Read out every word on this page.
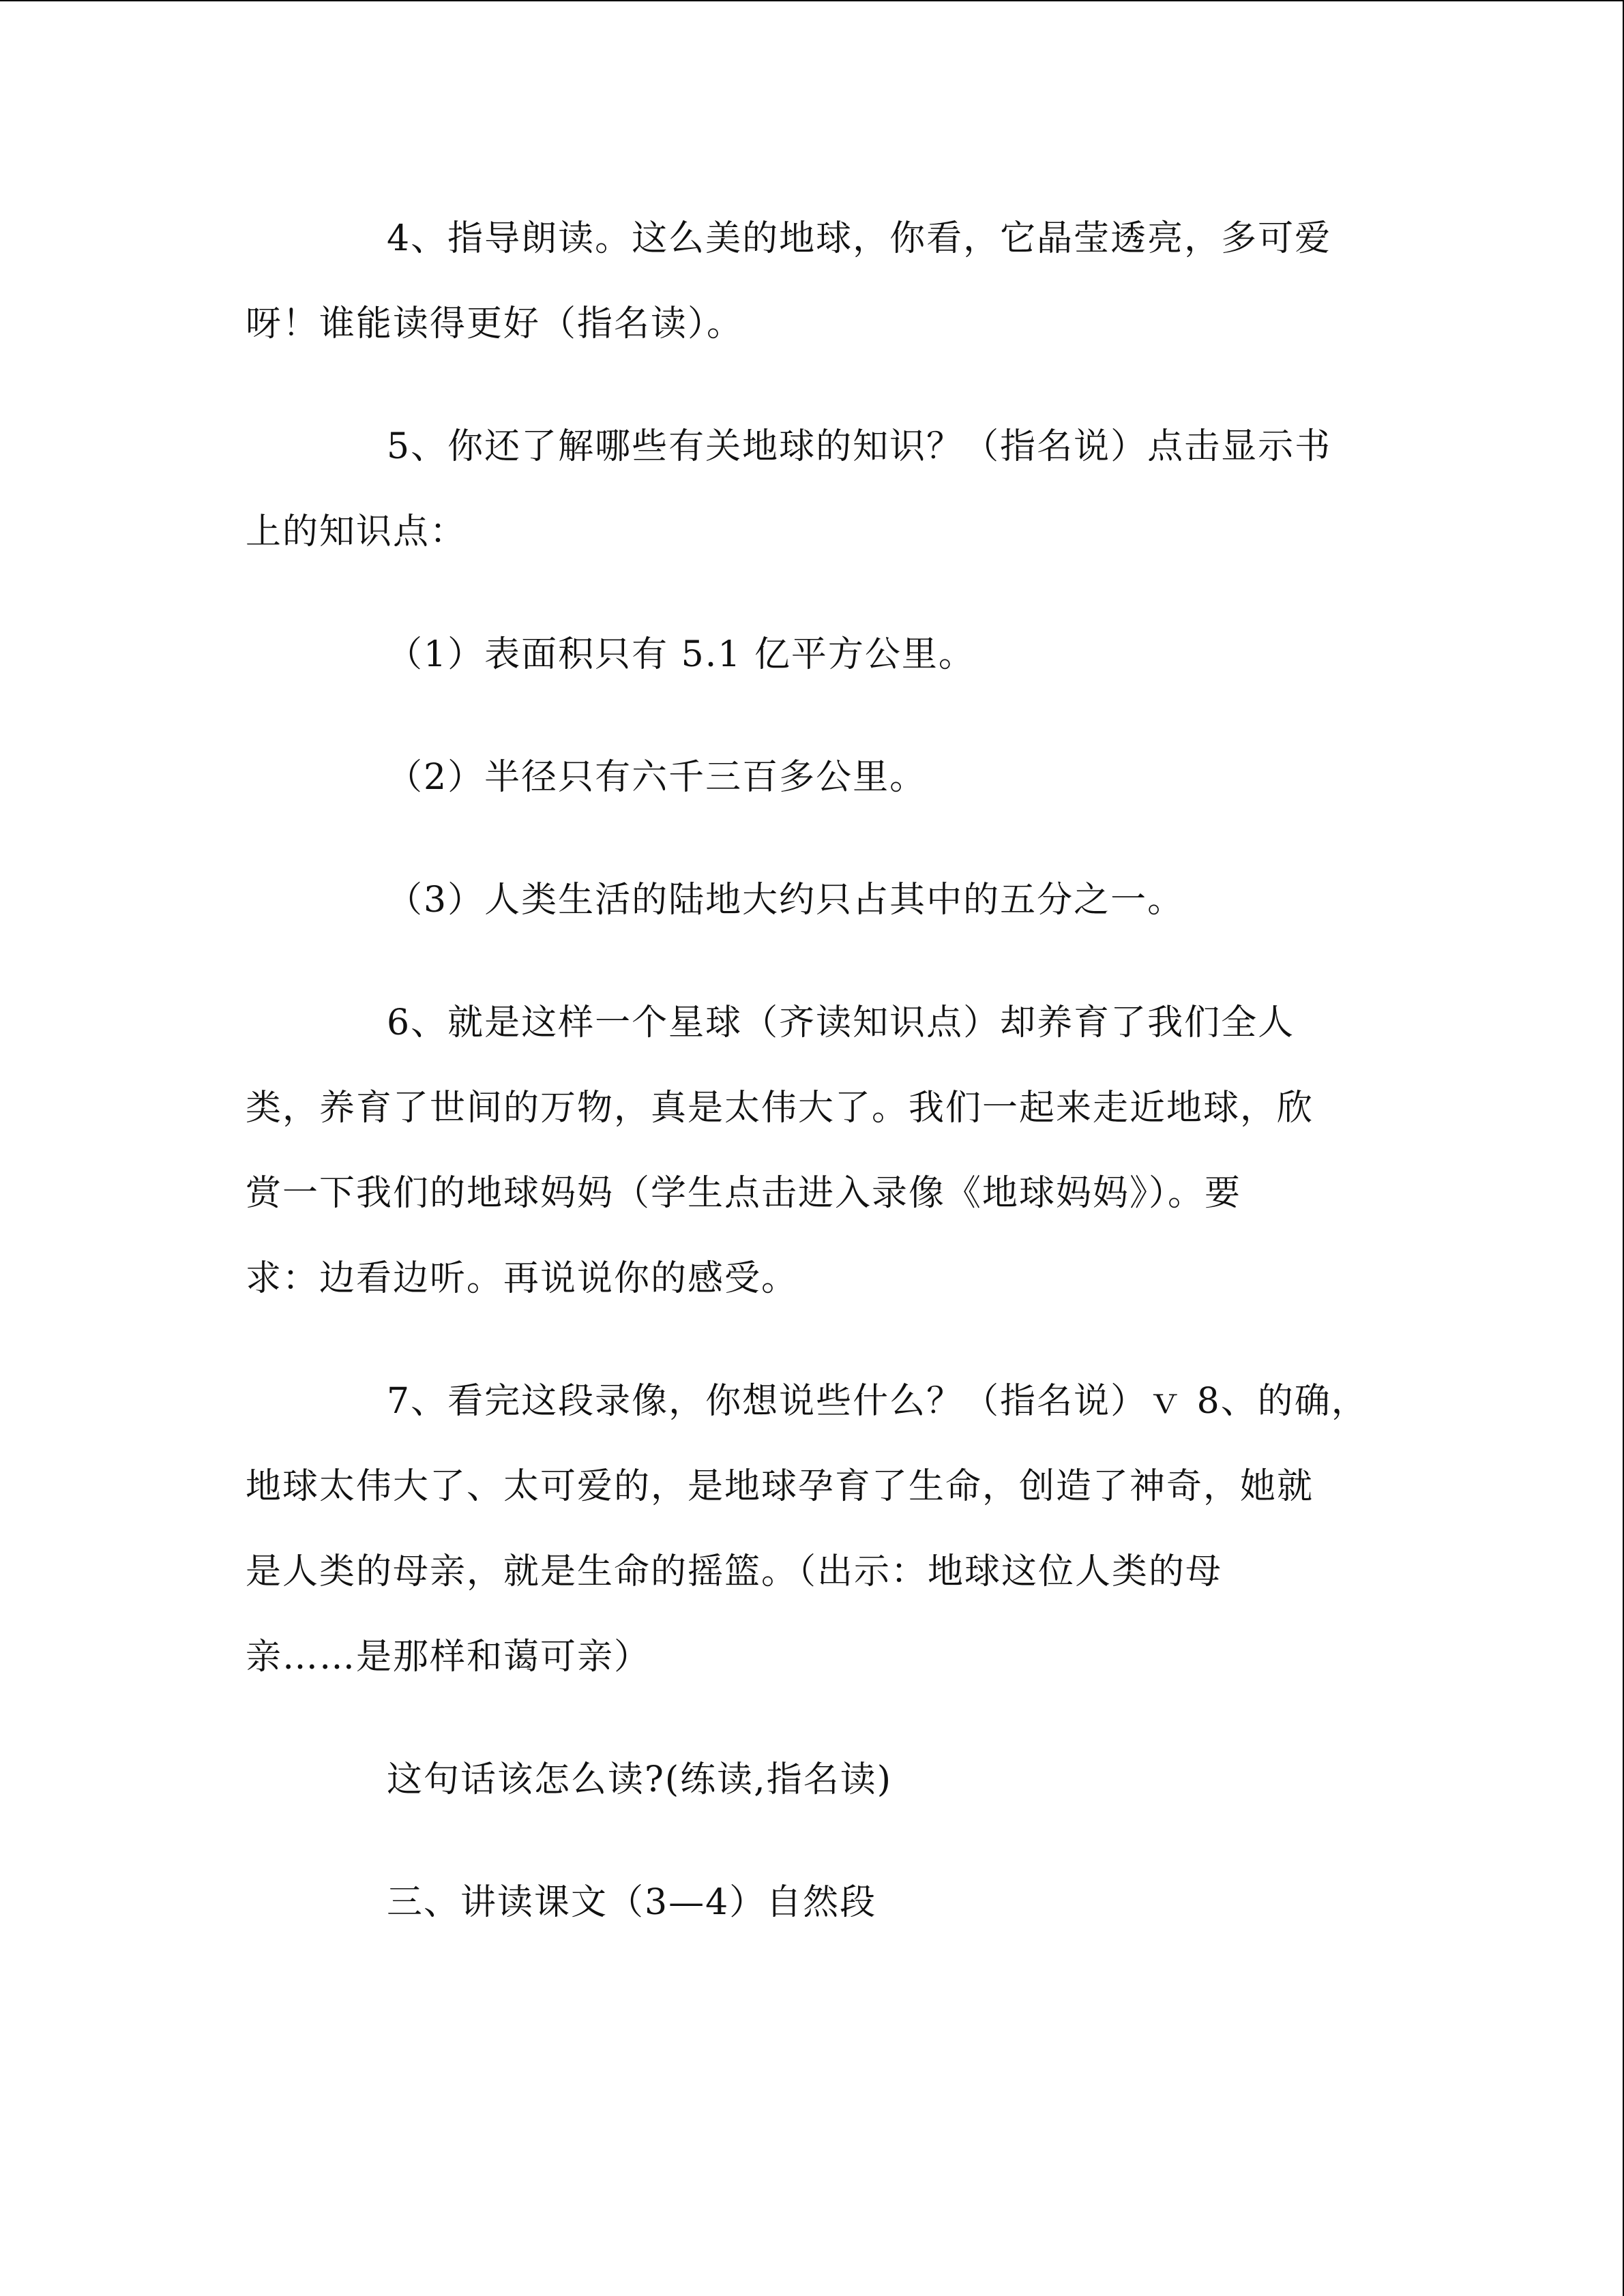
4、指导朗读。这么美的地球，你看，它晶莹透亮，多可爱

呀！谁能读得更好（指名读）。

5、你还了解哪些有关地球的知识？（指名说）点击显示书

上的知识点：

（1）表面积只有 5.1 亿平方公里。

（2）半径只有六千三百多公里。

（3）人类生活的陆地大约只占其中的五分之一。

6、就是这样一个星球（齐读知识点）却养育了我们全人

类，养育了世间的万物，真是太伟大了。我们一起来走近地球，欣

赏一下我们的地球妈妈（学生点击进入录像《地球妈妈》）。要

求：边看边听。再说说你的感受。

7、看完这段录像，你想说些什么？（指名说）ｖ 8、的确，

地球太伟大了、太可爱的，是地球孕育了生命，创造了神奇，她就

是人类的母亲，就是生命的摇篮。（出示：地球这位人类的母

亲……是那样和蔼可亲）

这句话该怎么读?(练读,指名读)

三、讲读课文（3—4）自然段
